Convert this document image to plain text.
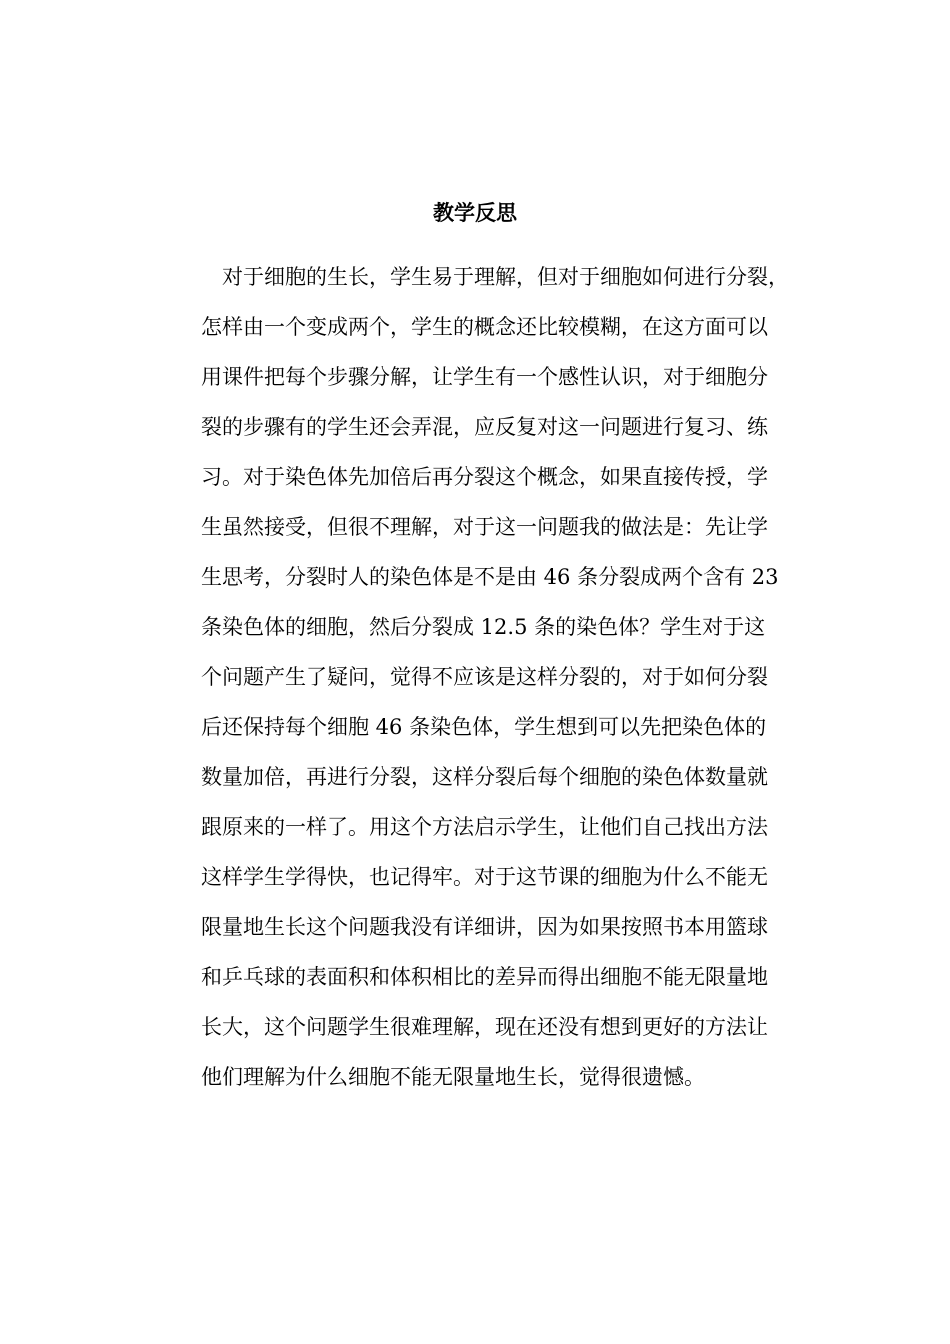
教学反思
　对于细胞的生长，学生易于理解，但对于细胞如何进行分裂，
怎样由一个变成两个，学生的概念还比较模糊，在这方面可以
用课件把每个步骤分解，让学生有一个感性认识，对于细胞分
裂的步骤有的学生还会弄混，应反复对这一问题进行复习、练
习。对于染色体先加倍后再分裂这个概念，如果直接传授，学
生虽然接受，但很不理解，对于这一问题我的做法是：先让学
生思考，分裂时人的染色体是不是由 46 条分裂成两个含有 23
条染色体的细胞，然后分裂成 12.5 条的染色体？学生对于这
个问题产生了疑问，觉得不应该是这样分裂的，对于如何分裂
后还保持每个细胞 46 条染色体，学生想到可以先把染色体的
数量加倍，再进行分裂，这样分裂后每个细胞的染色体数量就
跟原来的一样了。用这个方法启示学生，让他们自己找出方法
这样学生学得快，也记得牢。对于这节课的细胞为什么不能无
限量地生长这个问题我没有详细讲，因为如果按照书本用篮球
和乒乓球的表面积和体积相比的差异而得出细胞不能无限量地
长大，这个问题学生很难理解，现在还没有想到更好的方法让
他们理解为什么细胞不能无限量地生长，觉得很遗憾。
